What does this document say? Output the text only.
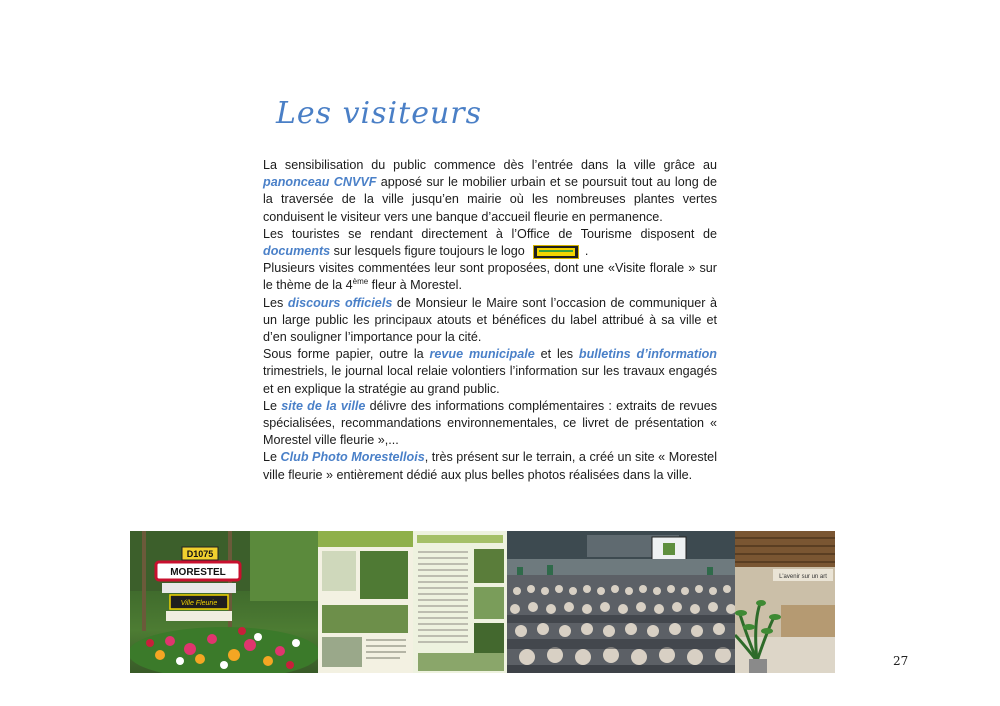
Les visiteurs

La sensibilisation du public commence dès l’entrée dans la ville grâce au panonceau CNVVF apposé sur le mobilier urbain et se poursuit tout au long de la traversée de la ville jusqu’en mairie où les nombreuses plantes vertes conduisent le visiteur vers une banque d’accueil fleurie en permanence.

Les touristes se rendant directement à l’Office de Tourisme disposent de documents sur lesquels figure toujours le logo	.

Plusieurs visites commentées leur sont proposées, dont une «Visite florale » sur le thème de la 4ème fleur à Morestel.

Les discours officiels de Monsieur le Maire sont l’occasion de communiquer à un large public les principaux atouts et bénéfices du label attribué à sa ville et d’en souligner l’importance pour la cité.

Sous forme papier, outre la revue municipale et les bulletins d’information trimestriels, le journal local relaie volontiers l’information sur les travaux engagés et en explique la stratégie au grand public.

Le site de la ville délivre des informations complémentaires : extraits de revues spécialisées, recommandations environnementales, ce livret de présentation « Morestel ville fleurie »,...

Le Club Photo Morestellois, très présent sur le terrain, a créé un site « Morestel ville fleurie » entièrement dédié aux plus belles photos réalisées dans la ville.

D1075
MORESTEL
Ville Fleurie
L'avenir sur un art
27
